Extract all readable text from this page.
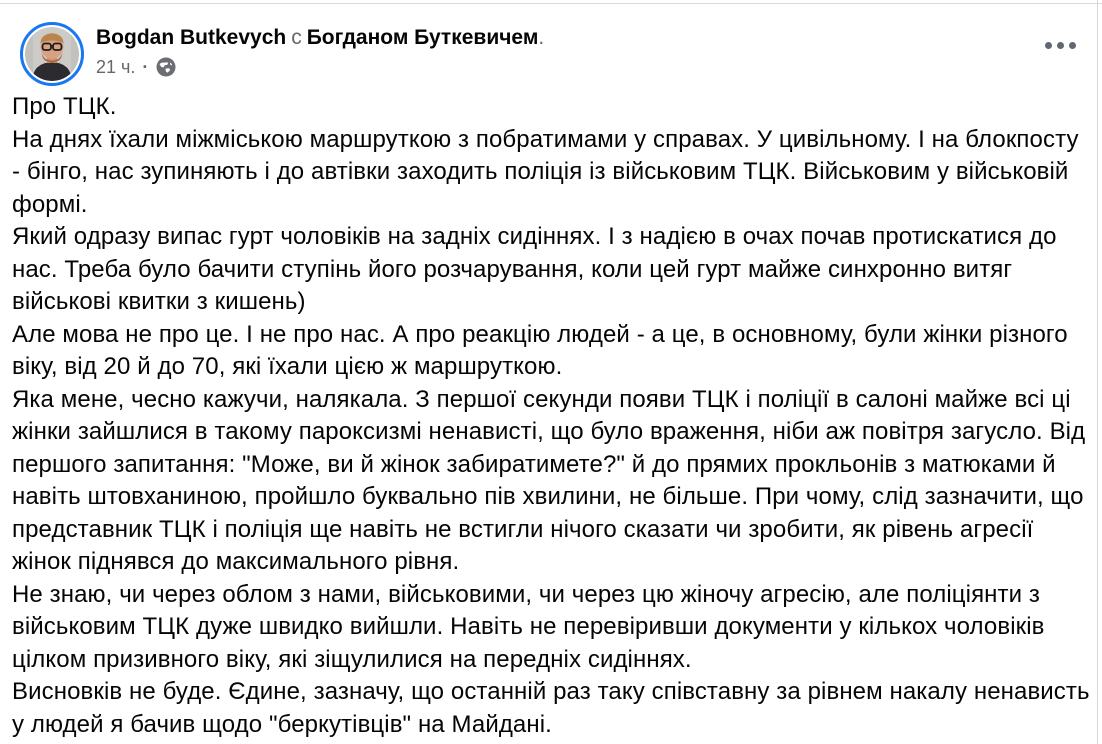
Bogdan Butkevych с Богданом Буткевичем.
21 ч. ·

Про ТЦК.

На днях їхали міжміською маршруткою з побратимами у справах. У цивільному. І на блокпосту - бінго, нас зупиняють і до автівки заходить поліція із військовим ТЦК. Військовим у військовій формі.

Який одразу випас гурт чоловіків на задніх сидіннях. І з надією в очах почав протискатися до нас. Треба було бачити ступінь його розчарування, коли цей гурт майже синхронно витяг військові квитки з кишень)

Але мова не про це. І не про нас. А про реакцію людей - а це, в основному, були жінки різного віку, від 20 й до 70, які їхали цією ж маршруткою.

Яка мене, чесно кажучи, налякала. З першої секунди появи ТЦК і поліції в салоні майже всі ці жінки зайшлися в такому пароксизмі ненависті, що було враження, ніби аж повітря загусло. Від першого запитання: "Може, ви й жінок забиратимете?" й до прямих прокльонів з матюками й навіть штовханиною, пройшло буквально пів хвилини, не більше. При чому, слід зазначити, що представник ТЦК і поліція ще навіть не встигли нічого сказати чи зробити, як рівень агресії жінок піднявся до максимального рівня.

Не знаю, чи через облом з нами, військовими, чи через цю жіночу агресію, але поліціянти з військовим ТЦК дуже швидко вийшли. Навіть не перевіривши документи у кількох чоловіків цілком призивного віку, які зіщулилися на передніх сидіннях.

Висновків не буде. Єдине, зазначу, що останній раз таку співставну за рівнем накалу ненависть у людей я бачив щодо "беркутівців" на Майдані.
